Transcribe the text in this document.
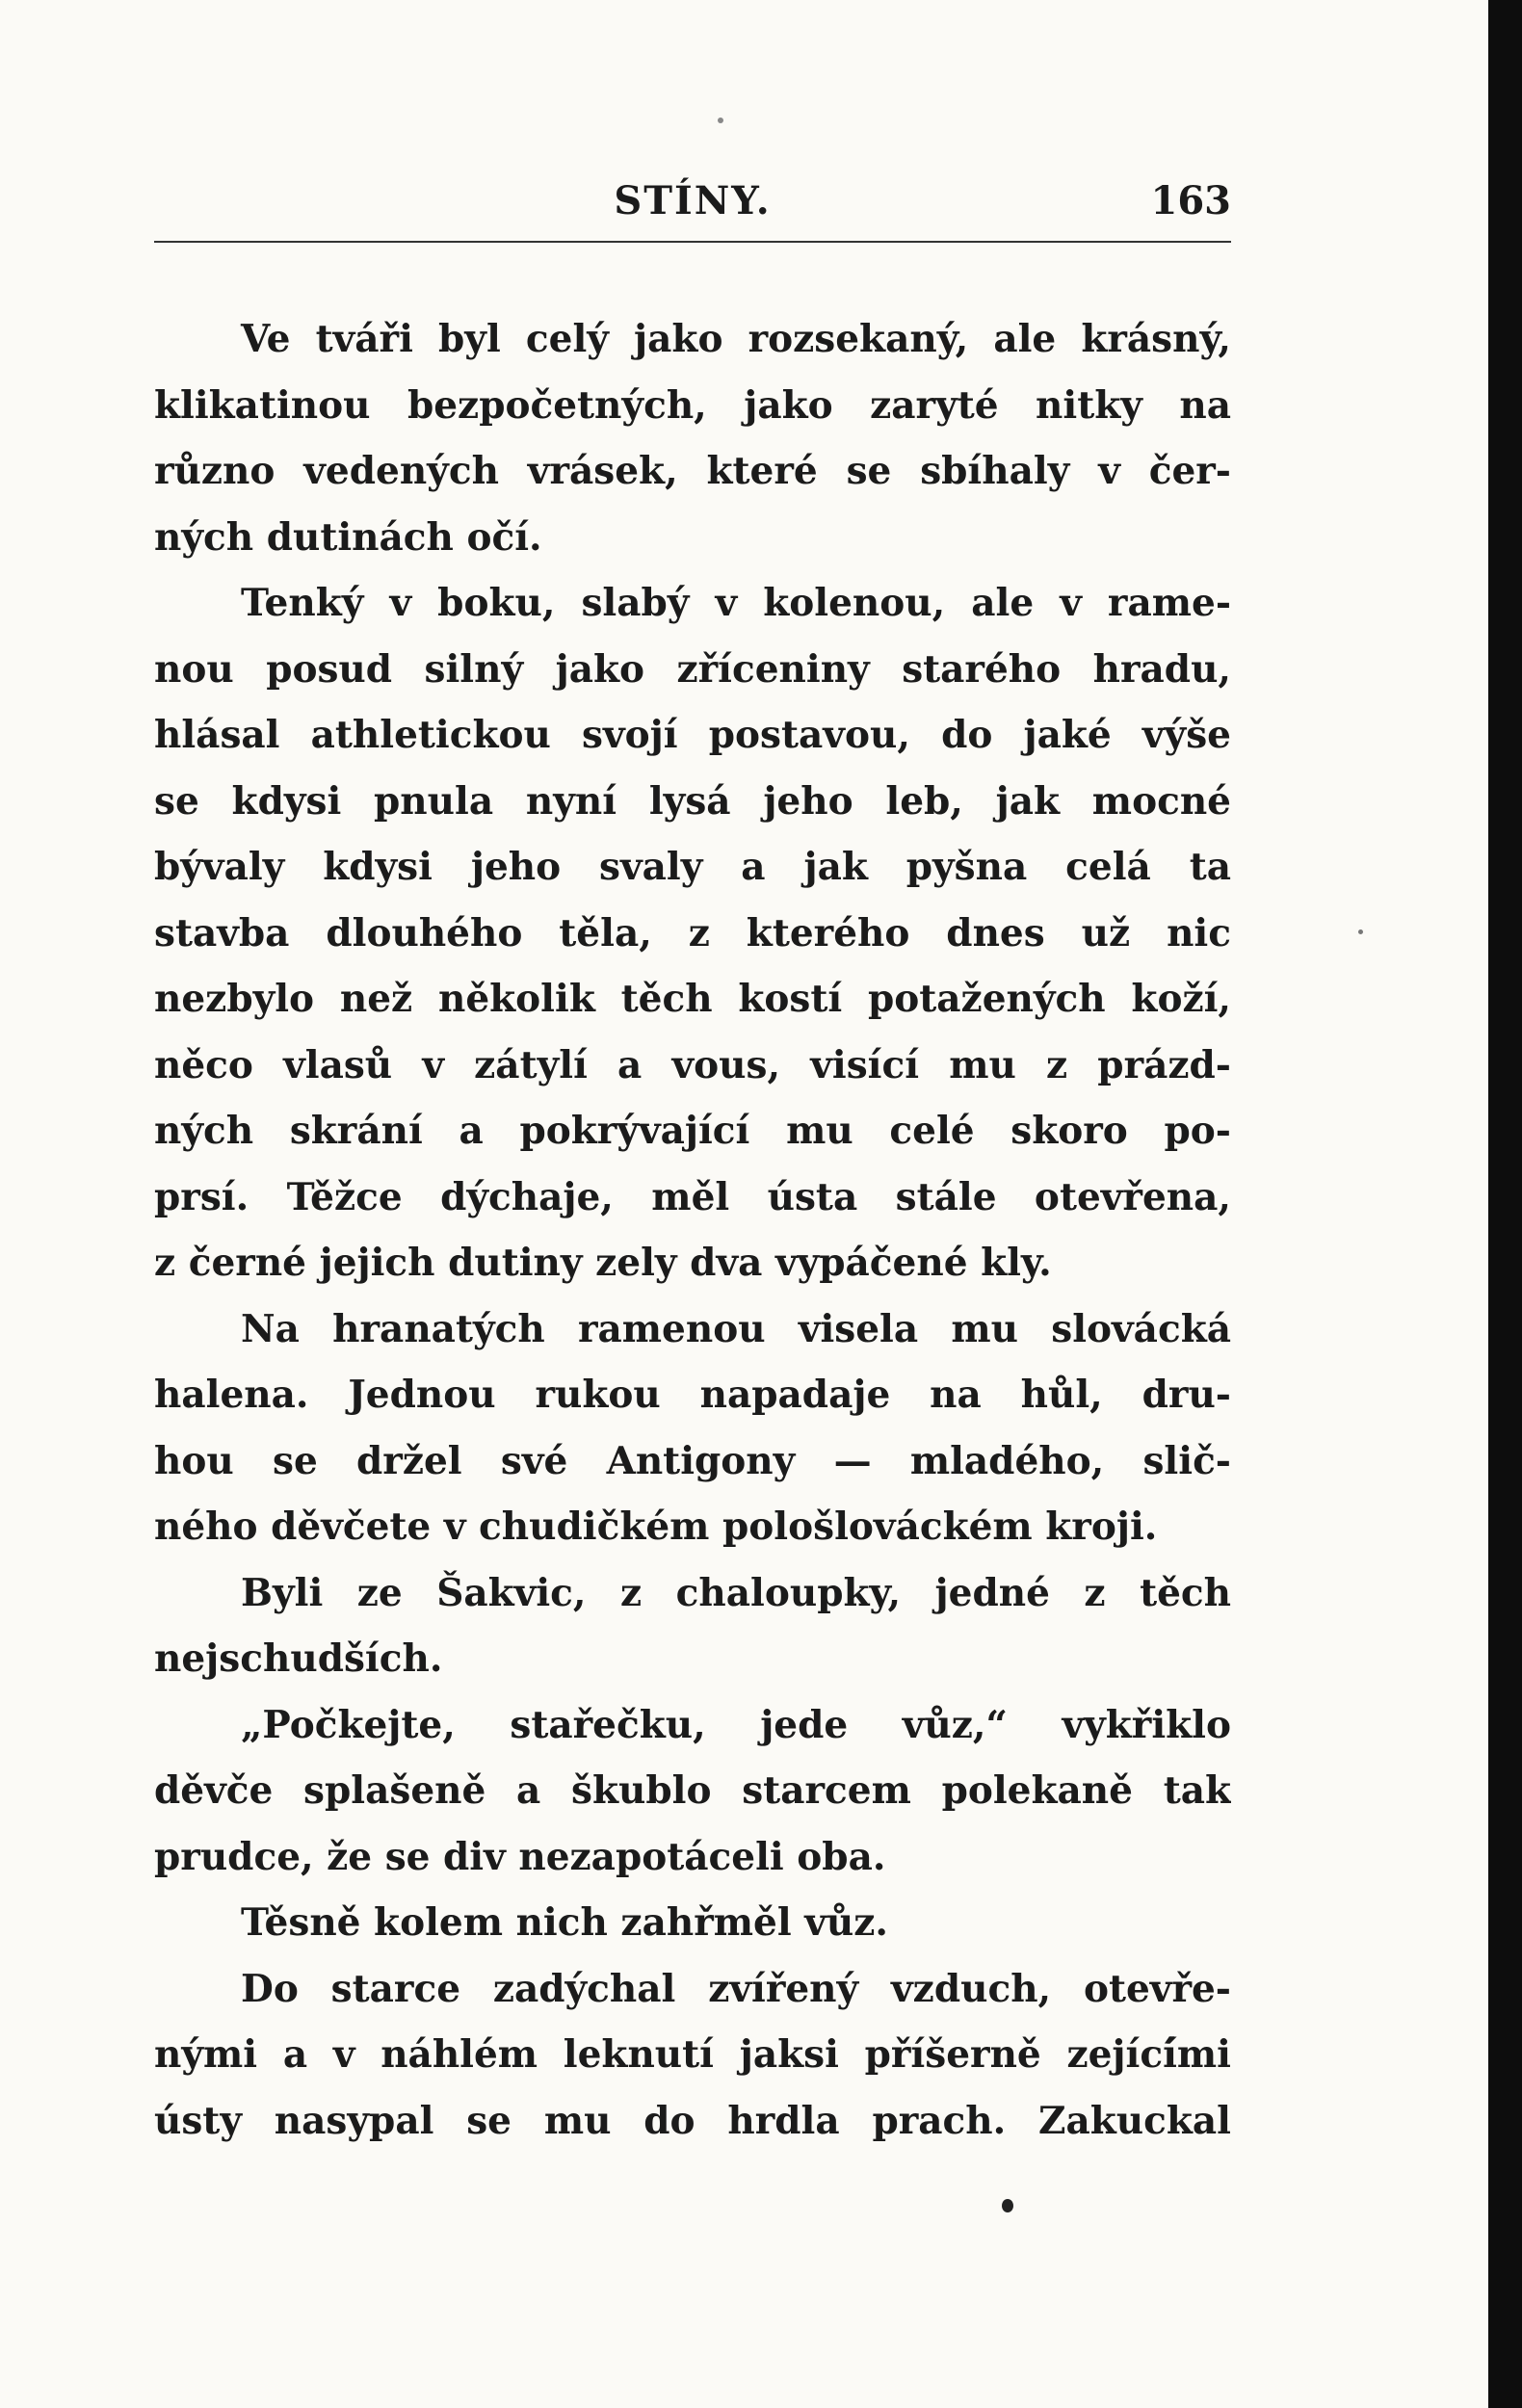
STÍNY.	163
Ve tváři byl celý jako rozsekaný, ale krásný,
klikatinou bezpočetných, jako zaryté nitky na
různo vedených vrásek, které se sbíhaly v čer-
ných dutinách očí.
Tenký v boku, slabý v kolenou, ale v rame-
nou posud silný jako zříceniny starého hradu,
hlásal athletickou svojí postavou, do jaké výše
se kdysi pnula nyní lysá jeho leb, jak mocné
bývaly kdysi jeho svaly a jak pyšna celá ta
stavba dlouhého těla, z kterého dnes už nic
nezbylo než několik těch kostí potažených koží,
něco vlasů v zátylí a vous, visící mu z prázd-
ných skrání a pokrývající mu celé skoro po-
prsí. Těžce dýchaje, měl ústa stále otevřena,
z černé jejich dutiny zely dva vypáčené kly.
Na hranatých ramenou visela mu slovácká
halena. Jednou rukou napadaje na hůl, dru-
hou se držel své Antigony — mladého, slič-
ného děvčete v chudičkém pološlováckém kroji.
Byli ze Šakvic, z chaloupky, jedné z těch
nejschudších.
„Počkejte, stařečku, jede vůz,“ vykřiklo
děvče splašeně a škublo starcem polekaně tak
prudce, že se div nezapotáceli oba.
Těsně kolem nich zahřměl vůz.
Do starce zadýchal zvířený vzduch, otevře-
nými a v náhlém leknutí jaksi příšerně zející́mi
ústy nasypal se mu do hrdla prach. Zakuckal
